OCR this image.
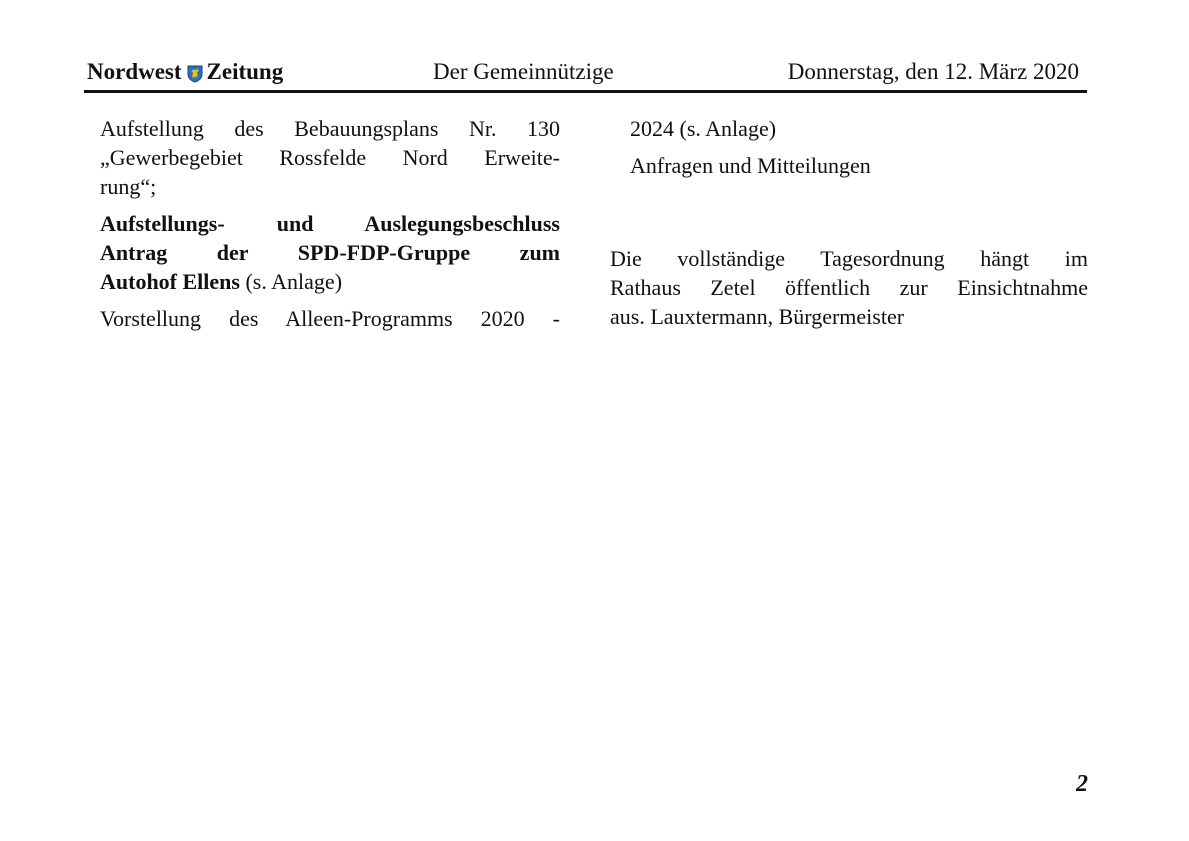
Nordwest Zeitung	Der Gemeinnützige	Donnerstag, den 12. März 2020
Aufstellung des Bebauungsplans Nr. 130
„Gewerbegebiet Rossfelde Nord Erweite-
rung“;
Aufstellungs- und Auslegungsbeschluss
Antrag der SPD-FDP-Gruppe zum
Autohof Ellens (s. Anlage)
Vorstellung des Alleen-Programms 2020 -
2024 (s. Anlage)
Anfragen und Mitteilungen
Die vollständige Tagesordnung hängt im
Rathaus Zetel öffentlich zur Einsichtnahme
aus. Lauxtermann, Bürgermeister
2
